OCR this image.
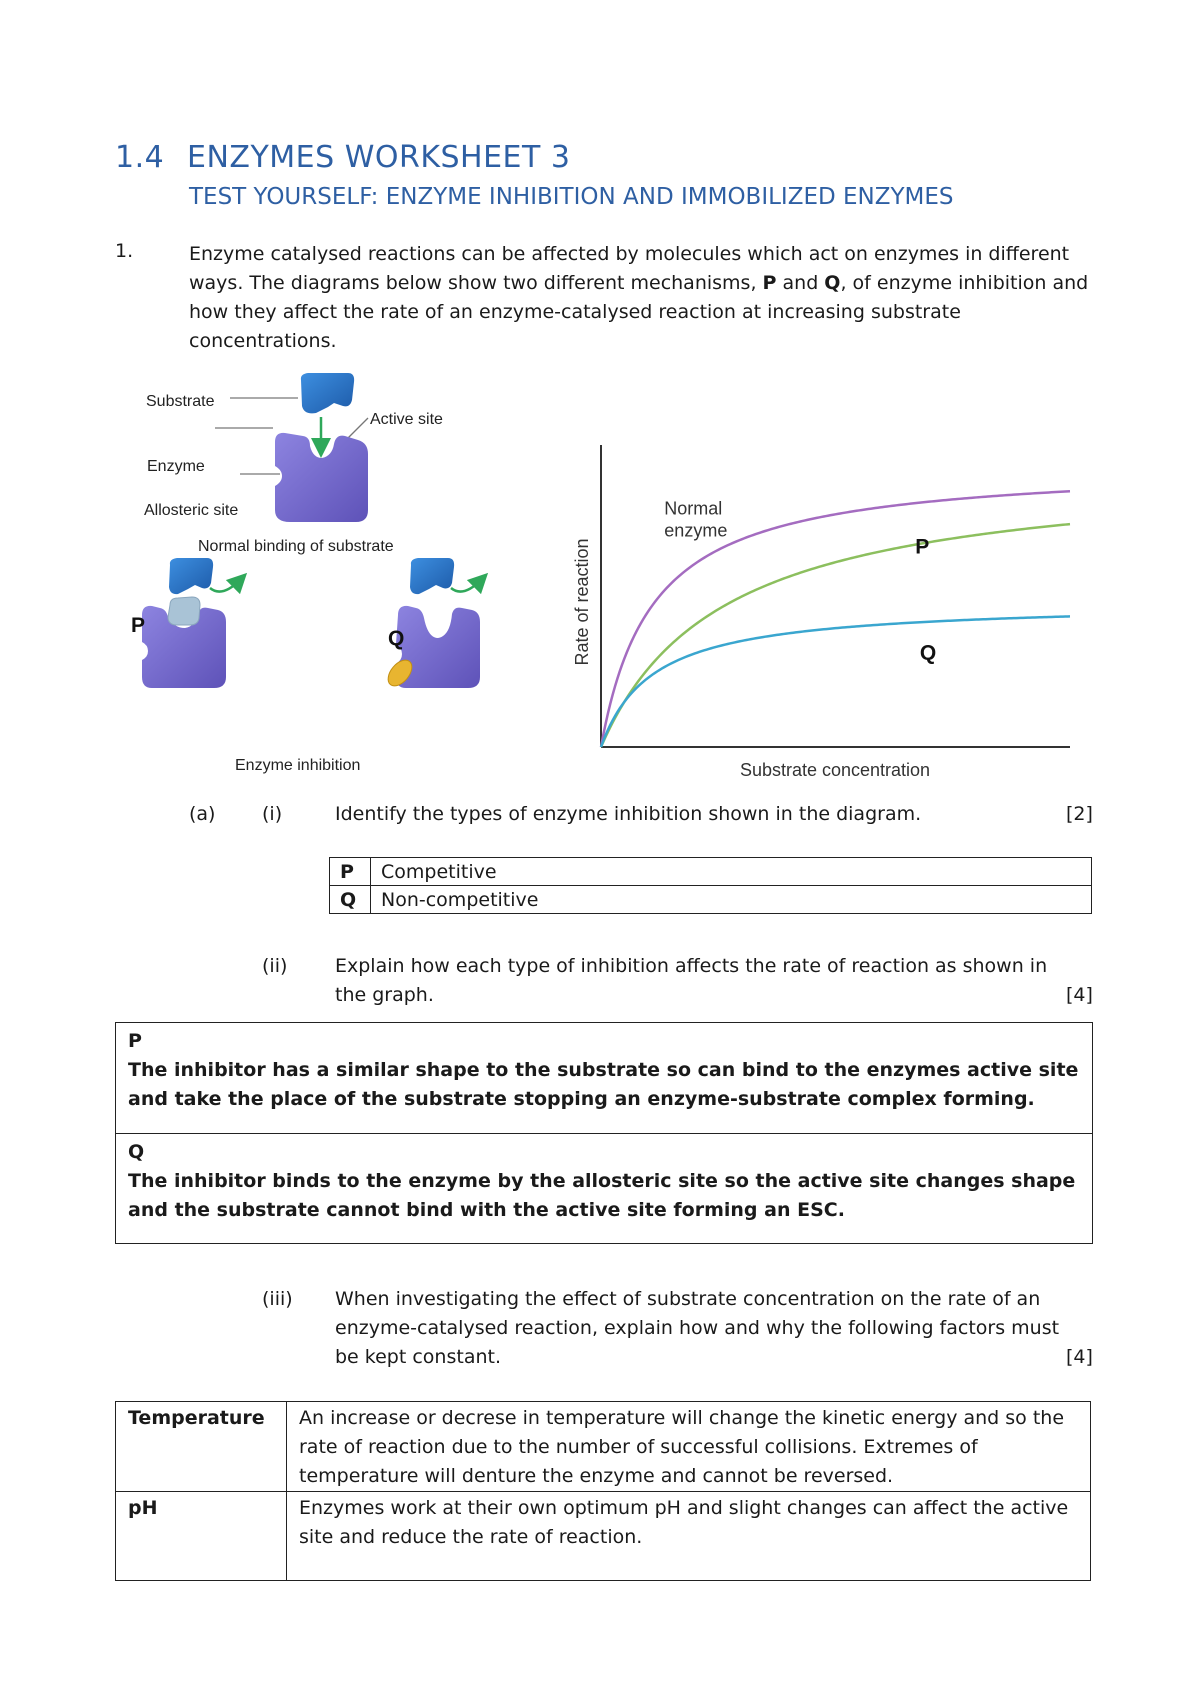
1.4 ENZYMES WORKSHEET 3
TEST YOURSELF: ENZYME INHIBITION AND IMMOBILIZED ENZYMES
1.	Enzyme catalysed reactions can be affected by molecules which act on enzymes in different ways. The diagrams below show two different mechanisms, P and Q, of enzyme inhibition and how they affect the rate of an enzyme-catalysed reaction at increasing substrate concentrations.
Substrate
Active site
Enzyme
Allosteric site
Normal binding of substrate
P
Q
Enzyme inhibition	Substrate concentration
Rate of reaction
Normal enzyme
P
Q
(a) (i)	Identify the types of enzyme inhibition shown in the diagram.	[2]
P	Competitive
Q	Non-competitive
(ii)	Explain how each type of inhibition affects the rate of reaction as shown in
the graph.	[4]
P
The inhibitor has a similar shape to the substrate so can bind to the enzymes active site and take the place of the substrate stopping an enzyme-substrate complex forming.
Q
The inhibitor binds to the enzyme by the allosteric site so the active site changes shape and the substrate cannot bind with the active site forming an ESC.
(iii) When investigating the effect of substrate concentration on the rate of an
enzyme-catalysed reaction, explain how and why the following factors must
be kept constant.	[4]
Temperature	An increase or decrese in temperature will change the kinetic energy and so the rate of reaction due to the number of successful collisions. Extremes of temperature will denture the enzyme and cannot be reversed.
pH	Enzymes work at their own optimum pH and slight changes can affect the active site and reduce the rate of reaction.
